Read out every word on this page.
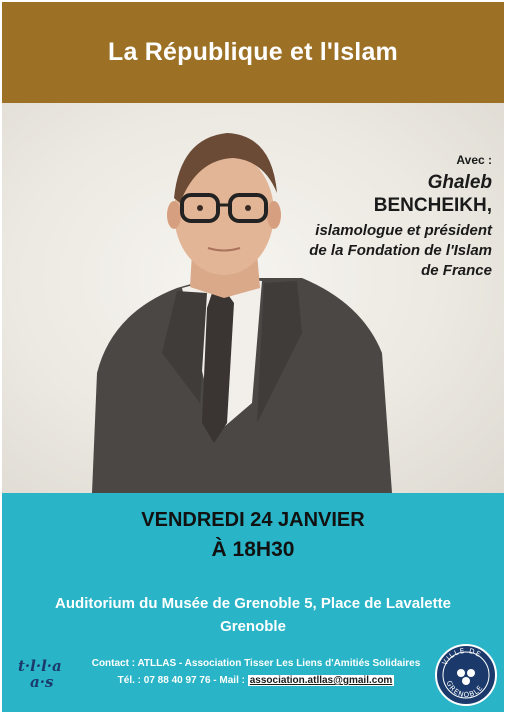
La République et l'Islam
Avec :
Ghaleb
BENCHEIKH,
islamologue et président
de la Fondation de l'Islam
de France
VENDREDI 24 JANVIER
À 18H30
Auditorium du Musée de Grenoble 5, Place de Lavalette
Grenoble
t·l·l·a
a·s
Contact : ATLLAS - Association Tisser Les Liens d'Amitiés Solidaires
Tél. : 07 88 40 97 76 - Mail : association.atllas@gmail.com
VILLE DE
GRENOBLE
